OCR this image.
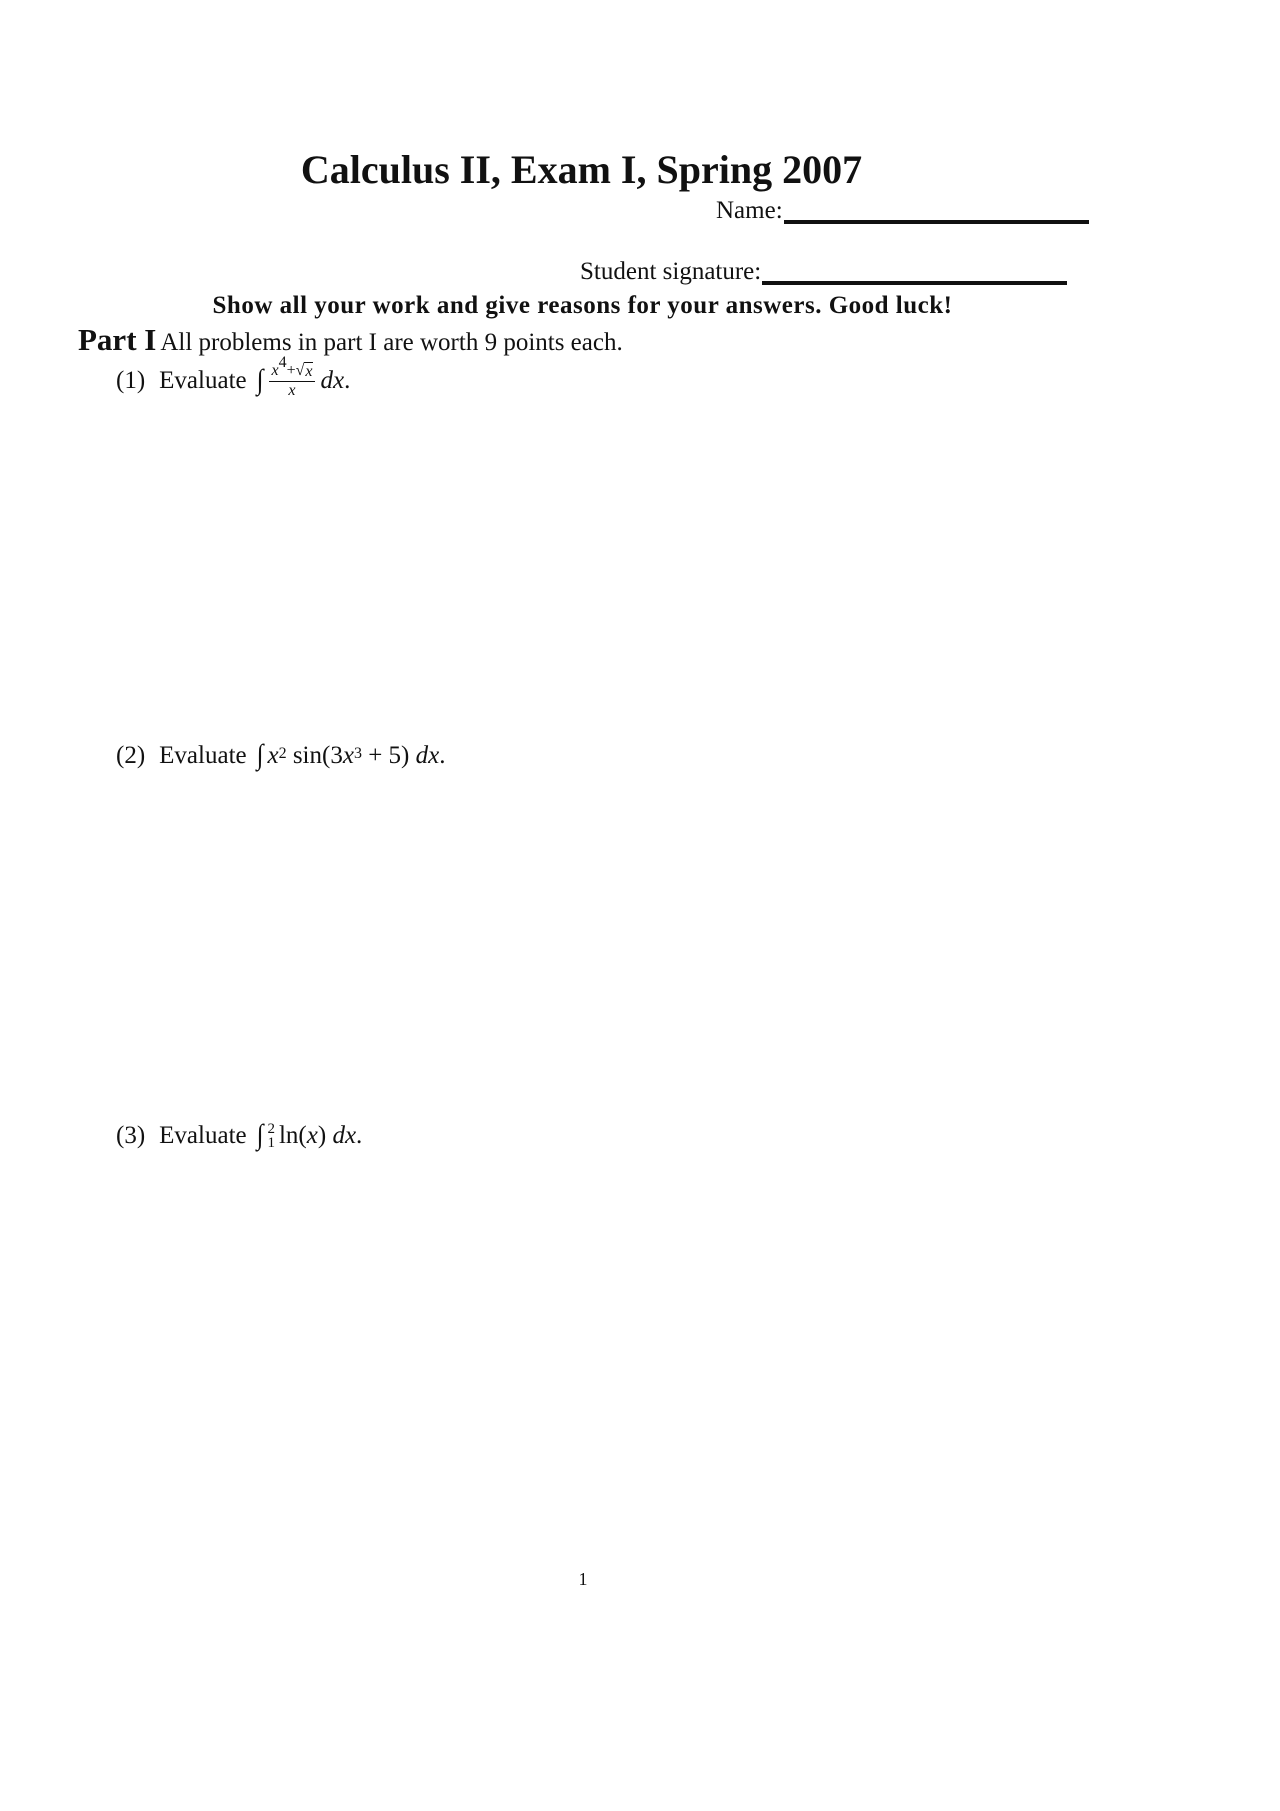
Calculus II, Exam I, Spring 2007
Name:
Student signature:
Show all your work and give reasons for your answers. Good luck!
Part I All problems in part I are worth 9 points each.
(1) Evaluate ∫ $\frac{x^4+ √ x}{x}$ dx .
(2) Evaluate ∫ $x^2$ sin(3 $x^3 + 5$) dx .
(3) Evaluate ∫ 2
1 ln( x ) dx .
1
